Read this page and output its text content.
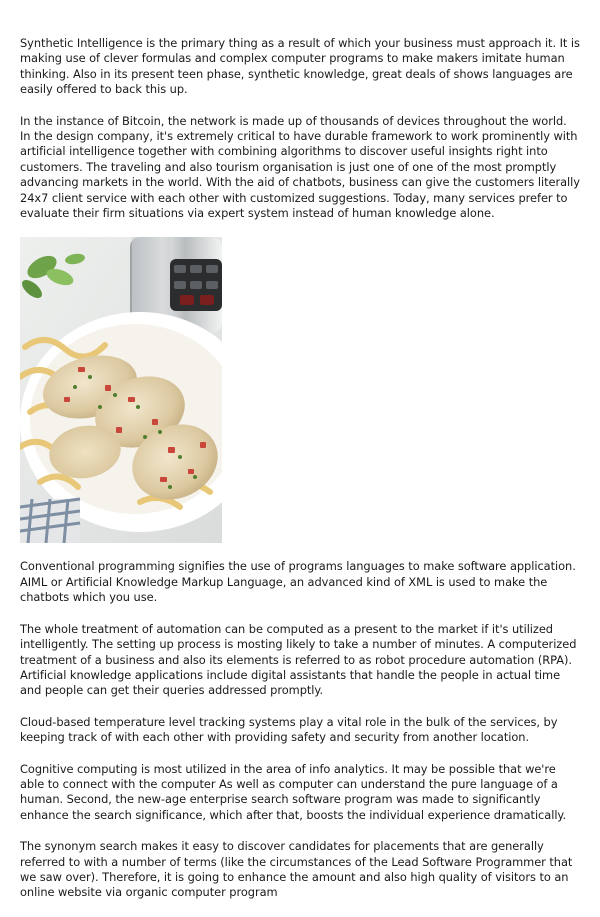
Synthetic Intelligence is the primary thing as a result of which your business must approach it. It is making use of clever formulas and complex computer programs to make makers imitate human thinking. Also in its present teen phase, synthetic knowledge, great deals of shows languages are easily offered to back this up.

In the instance of Bitcoin, the network is made up of thousands of devices throughout the world. In the design company, it's extremely critical to have durable framework to work prominently with artificial intelligence together with combining algorithms to discover useful insights right into customers. The traveling and also tourism organisation is just one of one of the most promptly advancing markets in the world. With the aid of chatbots, business can give the customers literally 24x7 client service with each other with customized suggestions. Today, many services prefer to evaluate their firm situations via expert system instead of human knowledge alone.

Conventional programming signifies the use of programs languages to make software application. AIML or Artificial Knowledge Markup Language, an advanced kind of XML is used to make the chatbots which you use.

The whole treatment of automation can be computed as a present to the market if it's utilized intelligently. The setting up process is mosting likely to take a number of minutes. A computerized treatment of a business and also its elements is referred to as robot procedure automation (RPA). Artificial knowledge applications include digital assistants that handle the people in actual time and people can get their queries addressed promptly.

Cloud-based temperature level tracking systems play a vital role in the bulk of the services, by keeping track of with each other with providing safety and security from another location.

Cognitive computing is most utilized in the area of info analytics. It may be possible that we're able to connect with the computer As well as computer can understand the pure language of a human. Second, the new-age enterprise search software program was made to significantly enhance the search significance, which after that, boosts the individual experience dramatically.

The synonym search makes it easy to discover candidates for placements that are generally referred to with a number of terms (like the circumstances of the Lead Software Programmer that we saw over). Therefore, it is going to enhance the amount and also high quality of visitors to an online website via organic computer program
